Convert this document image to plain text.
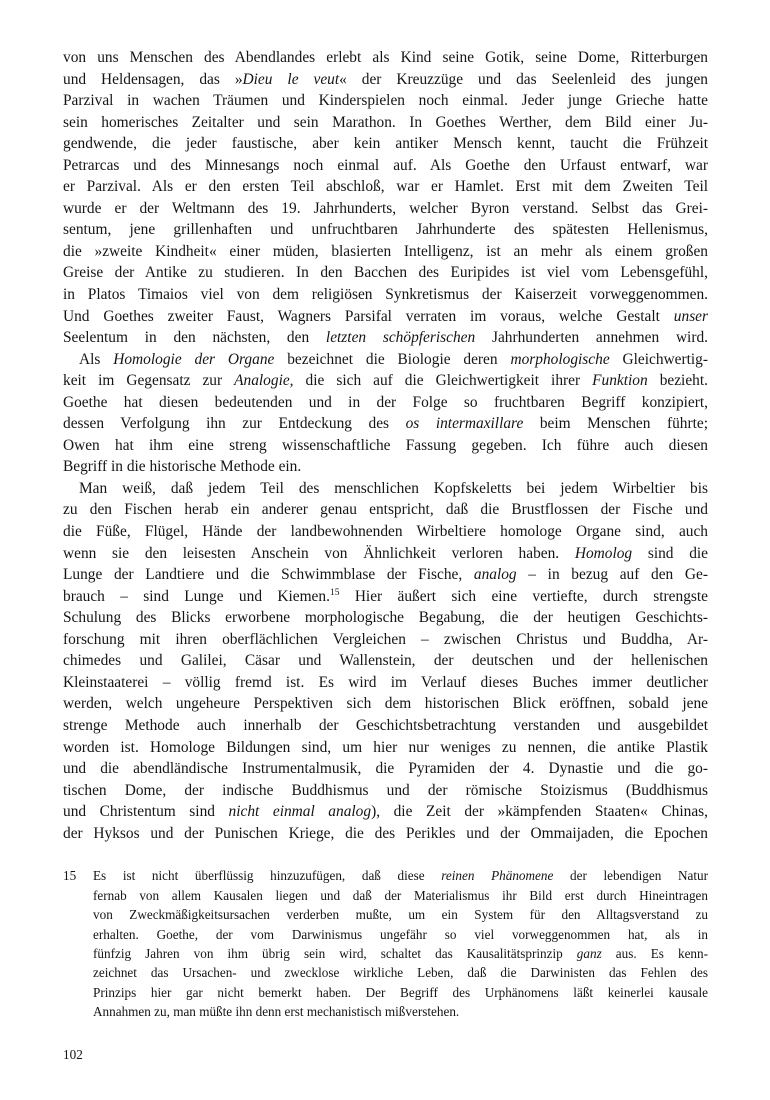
von uns Menschen des Abendlandes erlebt als Kind seine Gotik, seine Dome, Ritterburgen
und Heldensagen, das »Dieu le veut« der Kreuzzüge und das Seelenleid des jungen
Parzival in wachen Träumen und Kinderspielen noch einmal. Jeder junge Grieche hatte
sein homerisches Zeitalter und sein Marathon. In Goethes Werther, dem Bild einer Ju-
gendwende, die jeder faustische, aber kein antiker Mensch kennt, taucht die Frühzeit
Petrarcas und des Minnesangs noch einmal auf. Als Goethe den Urfaust entwarf, war
er Parzival. Als er den ersten Teil abschloß, war er Hamlet. Erst mit dem Zweiten Teil
wurde er der Weltmann des 19. Jahrhunderts, welcher Byron verstand. Selbst das Grei-
sentum, jene grillenhaften und unfruchtbaren Jahrhunderte des spätesten Hellenismus,
die »zweite Kindheit« einer müden, blasierten Intelligenz, ist an mehr als einem großen
Greise der Antike zu studieren. In den Bacchen des Euripides ist viel vom Lebensgefühl,
in Platos Timaios viel von dem religiösen Synkretismus der Kaiserzeit vorweggenommen.
Und Goethes zweiter Faust, Wagners Parsifal verraten im voraus, welche Gestalt unser
Seelentum in den nächsten, den letzten schöpferischen Jahrhunderten annehmen wird.
Als Homologie der Organe bezeichnet die Biologie deren morphologische Gleichwertig-
keit im Gegensatz zur Analogie, die sich auf die Gleichwertigkeit ihrer Funktion bezieht.
Goethe hat diesen bedeutenden und in der Folge so fruchtbaren Begriff konzipiert,
dessen Verfolgung ihn zur Entdeckung des os intermaxillare beim Menschen führte;
Owen hat ihm eine streng wissenschaftliche Fassung gegeben. Ich führe auch diesen
Begriff in die historische Methode ein.
Man weiß, daß jedem Teil des menschlichen Kopfskeletts bei jedem Wirbeltier bis
zu den Fischen herab ein anderer genau entspricht, daß die Brustflossen der Fische und
die Füße, Flügel, Hände der landbewohnenden Wirbeltiere homologe Organe sind, auch
wenn sie den leisesten Anschein von Ähnlichkeit verloren haben. Homolog sind die
Lunge der Landtiere und die Schwimmblase der Fische, analog – in bezug auf den Ge-
brauch – sind Lunge und Kiemen.$^{15}$ Hier äußert sich eine vertiefte, durch strengste
Schulung des Blicks erworbene morphologische Begabung, die der heutigen Geschichts-
forschung mit ihren oberflächlichen Vergleichen – zwischen Christus und Buddha, Ar-
chimedes und Galilei, Cäsar und Wallenstein, der deutschen und der hellenischen
Kleinstaaterei – völlig fremd ist. Es wird im Verlauf dieses Buches immer deutlicher
werden, welch ungeheure Perspektiven sich dem historischen Blick eröffnen, sobald jene
strenge Methode auch innerhalb der Geschichtsbetrachtung verstanden und ausgebildet
worden ist. Homologe Bildungen sind, um hier nur weniges zu nennen, die antike Plastik
und die abendländische Instrumentalmusik, die Pyramiden der 4. Dynastie und die go-
tischen Dome, der indische Buddhismus und der römische Stoizismus (Buddhismus
und Christentum sind nicht einmal analog), die Zeit der »kämpfenden Staaten« Chinas,
der Hyksos und der Punischen Kriege, die des Perikles und der Ommaijaden, die Epochen
15 Es ist nicht überflüssig hinzuzufügen, daß diese reinen Phänomene der lebendigen Natur
fernab von allem Kausalen liegen und daß der Materialismus ihr Bild erst durch Hineintragen
von Zweckmäßigkeitsursachen verderben mußte, um ein System für den Alltagsverstand zu
erhalten. Goethe, der vom Darwinismus ungefähr so viel vorweggenommen hat, als in
fünfzig Jahren von ihm übrig sein wird, schaltet das Kausalitätsprinzip ganz aus. Es kenn-
zeichnet das Ursachen- und zwecklose wirkliche Leben, daß die Darwinisten das Fehlen des
Prinzips hier gar nicht bemerkt haben. Der Begriff des Urphänomens läßt keinerlei kausale
Annahmen zu, man müßte ihn denn erst mechanistisch mißverstehen.
102
